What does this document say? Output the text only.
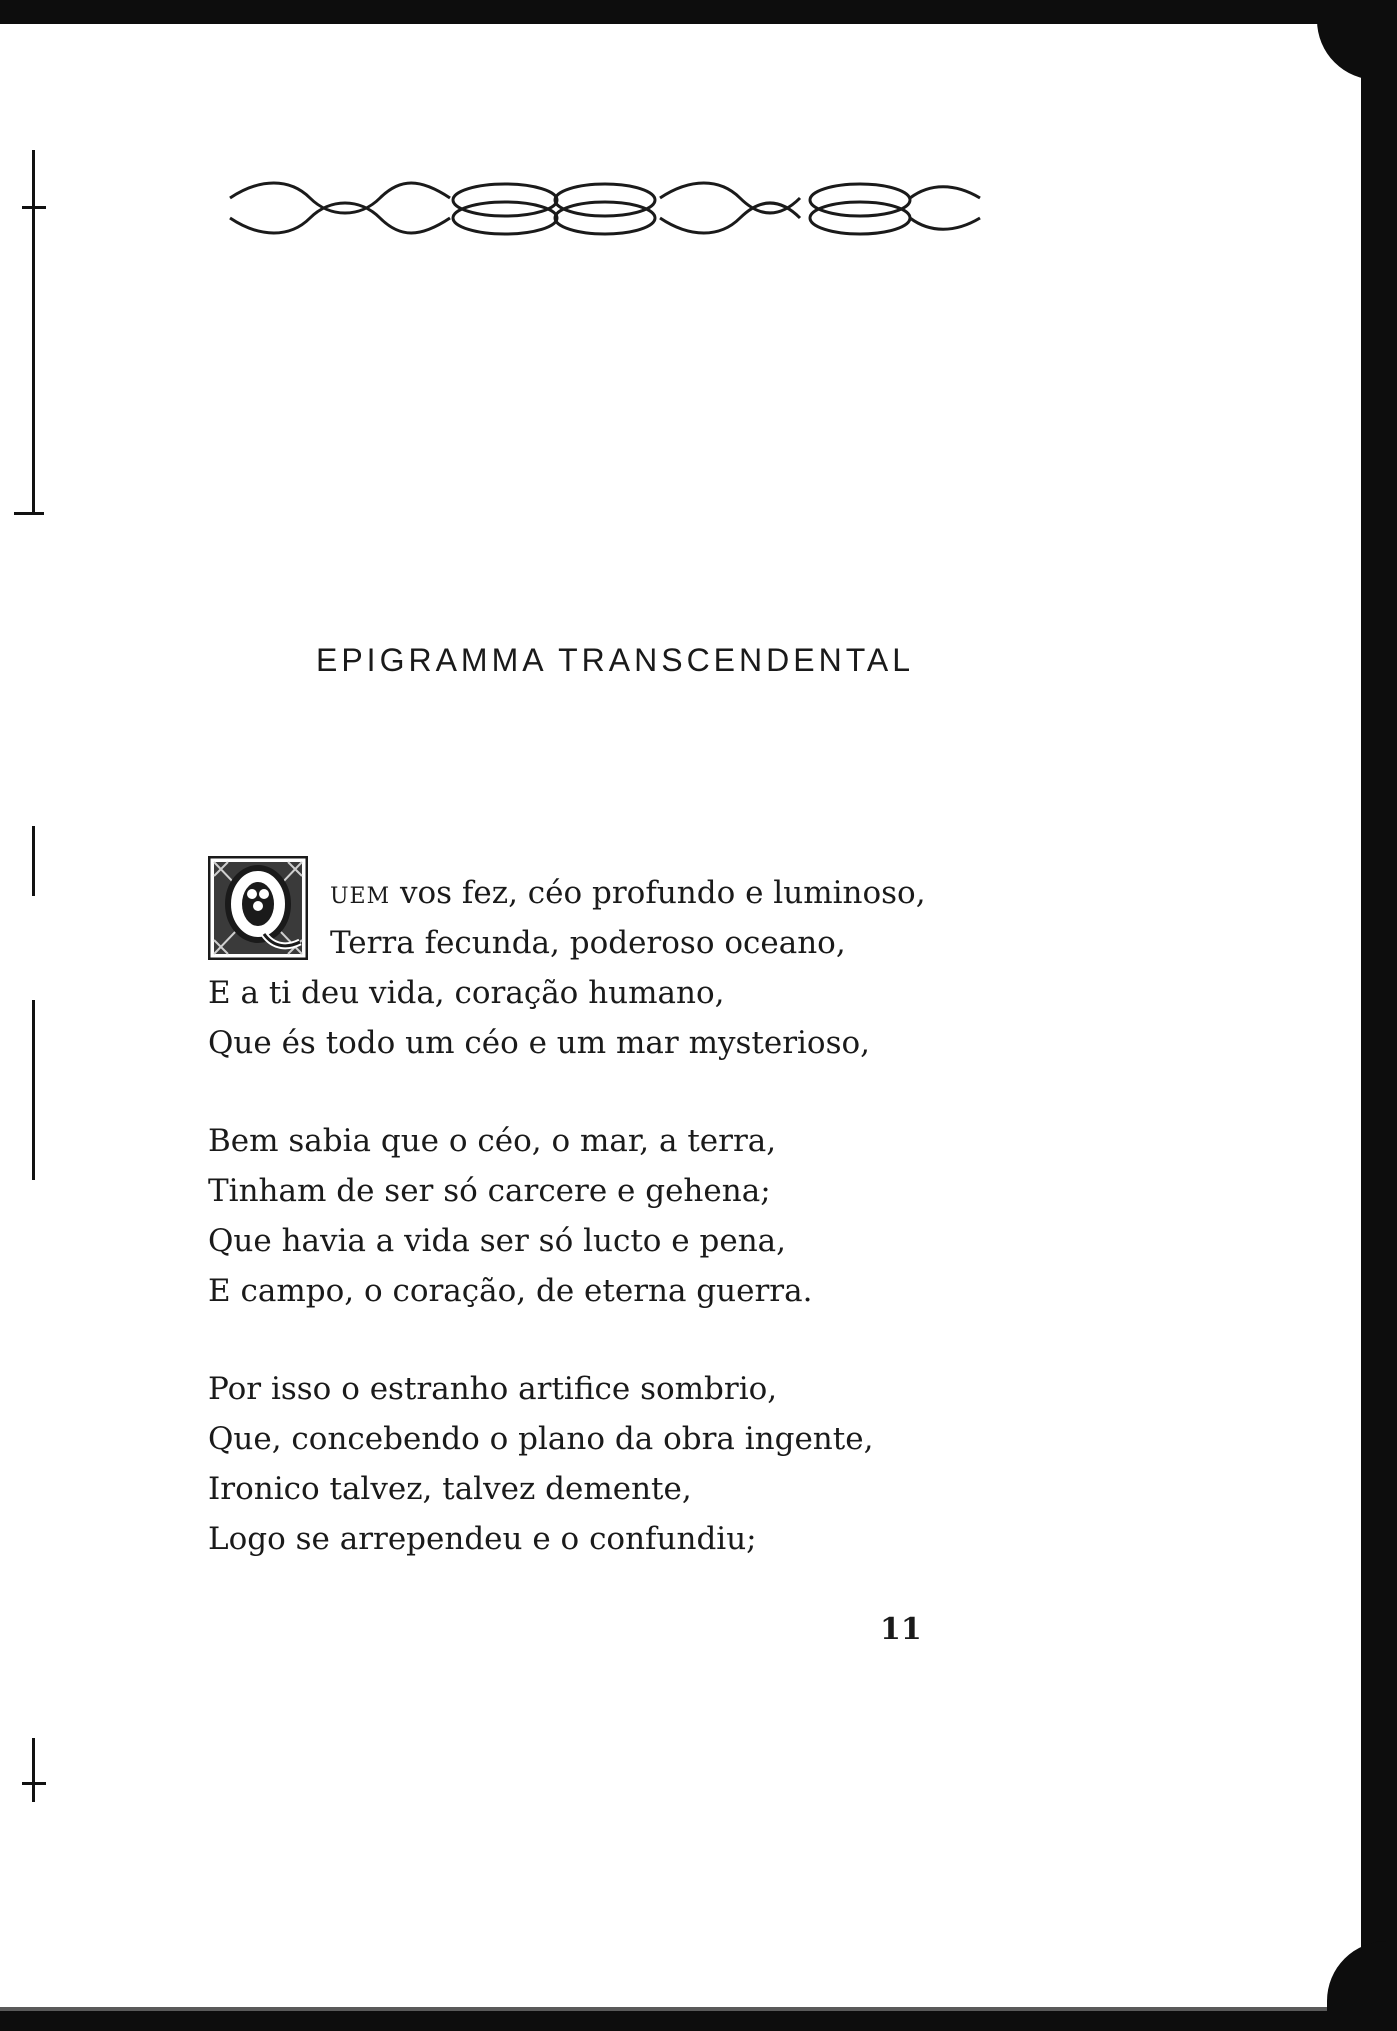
EPIGRAMMA TRANSCENDENTAL
UEM vos fez, céo profundo e luminoso,
Terra fecunda, poderoso oceano,
E a ti deu vida, coração humano,
Que és todo um céo e um mar mysterioso,
Bem sabia que o céo, o mar, a terra,
Tinham de ser só carcere e gehena;
Que havia a vida ser só lucto e pena,
E campo, o coração, de eterna guerra.
Por isso o estranho artifice sombrio,
Que, concebendo o plano da obra ingente,
Ironico talvez, talvez demente,
Logo se arrependeu e o confundiu;
11
